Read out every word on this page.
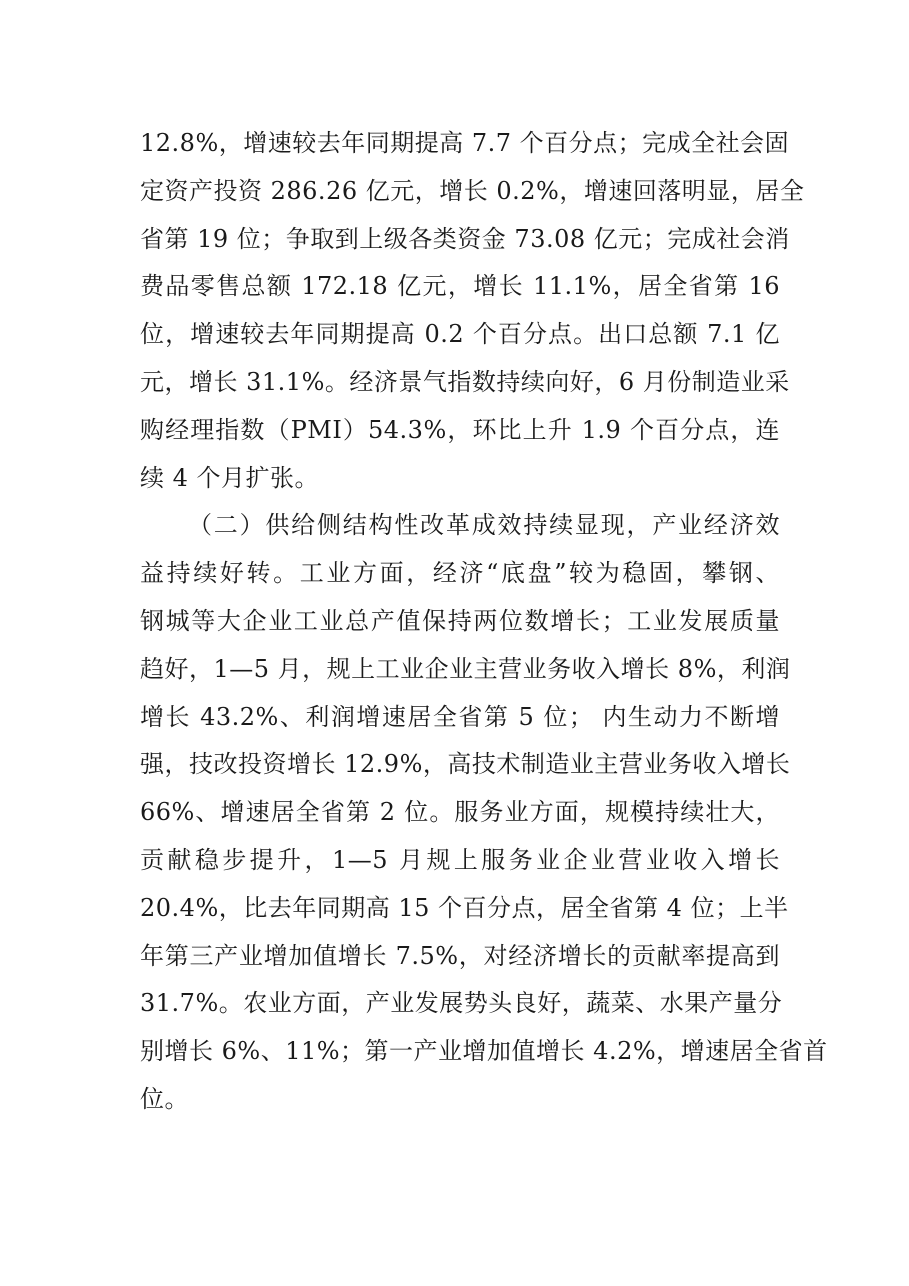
12.8%，增速较去年同期提高 7.7 个百分点；完成全社会固
定资产投资 286.26 亿元，增长 0.2%，增速回落明显，居全
省第 19 位；争取到上级各类资金 73.08 亿元；完成社会消
费品零售总额 172.18 亿元，增长 11.1%，居全省第 16
位，增速较去年同期提高 0.2 个百分点。出口总额 7.1 亿
元，增长 31.1%。经济景气指数持续向好，6 月份制造业采
购经理指数（PMI）54.3%，环比上升 1.9 个百分点，连
续 4 个月扩张。
（二）供给侧结构性改革成效持续显现，产业经济效
益持续好转。工业方面，经济“底盘”较为稳固，攀钢、
钢城等大企业工业总产值保持两位数增长；工业发展质量
趋好，1—5 月，规上工业企业主营业务收入增长 8%，利润
增长 43.2%、利润增速居全省第 5 位； 内生动力不断增
强，技改投资增长 12.9%，高技术制造业主营业务收入增长
66%、增速居全省第 2 位。服务业方面，规模持续壮大，
贡献稳步提升，1—5 月规上服务业企业营业收入增长
20.4%，比去年同期高 15 个百分点，居全省第 4 位；上半
年第三产业增加值增长 7.5%，对经济增长的贡献率提高到
31.7%。农业方面，产业发展势头良好，蔬菜、水果产量分
别增长 6%、11%；第一产业增加值增长 4.2%，增速居全省首
位。
